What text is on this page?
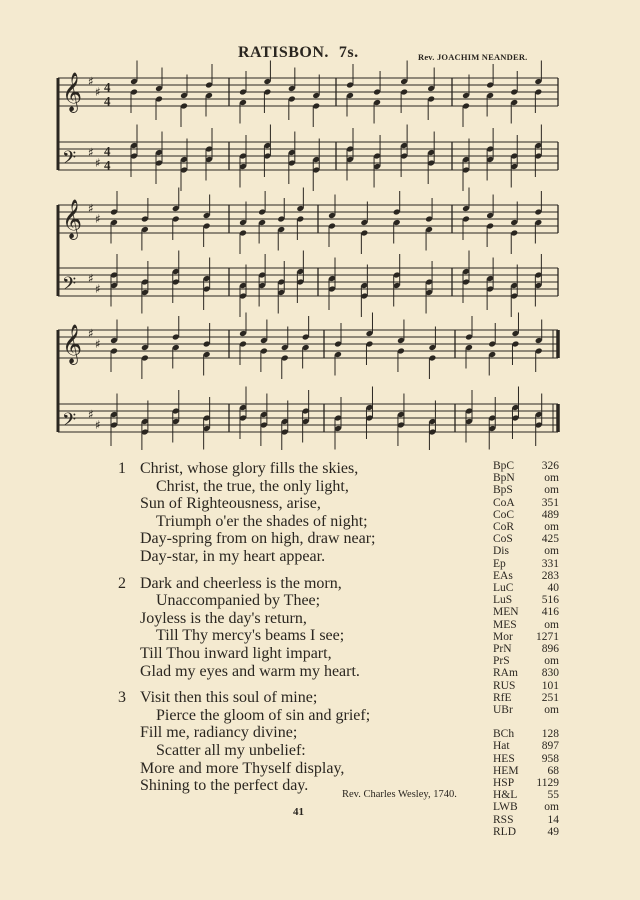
RATISBON. 7s.	Rev. JOACHIM NEANDER.
𝄞 ♯
♯ 4
4
𝄢 ♯
♯
4
4
𝄞 ♯
♯
𝄢 ♯
♯
𝄞 ♯
♯
𝄢 ♯
♯
1 Christ, whose glory fills the skies,
Christ, the true, the only light,
Sun of Righteousness, arise,
Triumph o'er the shades of night;
Day-spring from on high, draw near;
Day-star, in my heart appear.
2 Dark and cheerless is the morn,
Unaccompanied by Thee;
Joyless is the day's return,
Till Thy mercy's beams I see;
Till Thou inward light impart,
Glad my eyes and warm my heart.
3 Visit then this soul of mine;
Pierce the gloom of sin and grief;
Fill me, radiancy divine;
Scatter all my unbelief:
More and more Thyself display,
Shining to the perfect day.
Rev. Charles Wesley, 1740.
BpC 326
BpN	om
BpS	om
CoA 351
CoC 489
CoR	om
CoS	425
Dis	om
Ep	331
EAs	283
LuC	40
LuS	516
MEN 416
MES om
Mor 1271
PrN	896
PrS	om
RAm 830
RUS 101
RfE	251
UBr	om
BCh 128
Hat	897
HES 958
HEM	68
HSP 1129
H&L	55
LWB om
RSS	14
RLD	49
41
